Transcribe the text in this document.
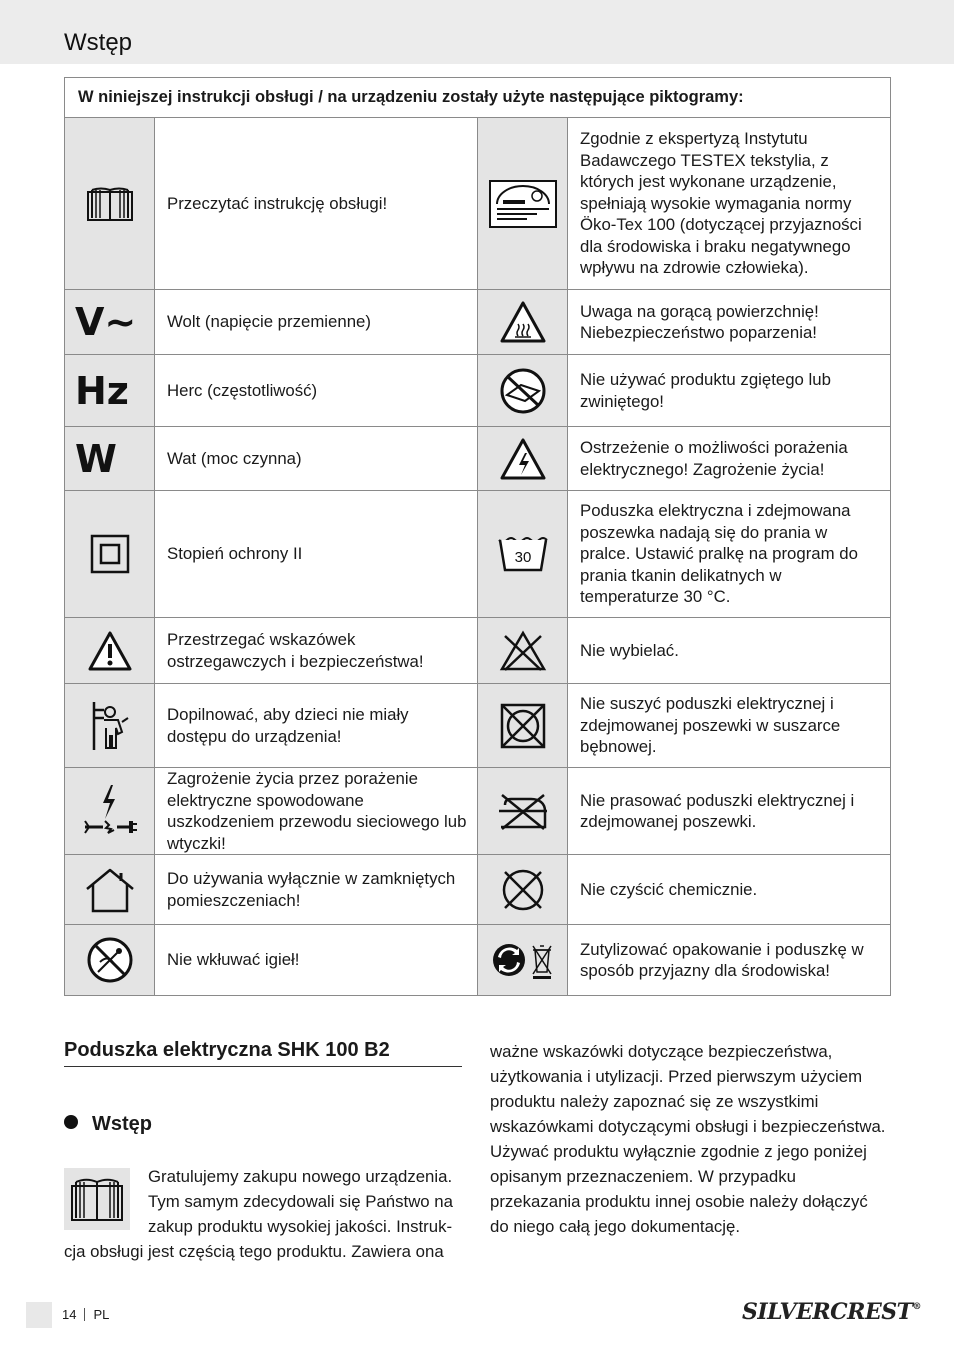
Wstęp
W niniejszej instrukcji obsługi / na urządzeniu zostały użyte następujące piktogramy:			

	Przeczytać instrukcję obsługi!		Zgodnie z ekspertyzą Instytutu Badawczego TESTEX tekstylia, z których jest wykonane urządzenie, spełniają wysokie wymagania normy Öko-Tex 100 (dotyczącej przyjazności dla środowiska i braku negatywnego wpływu na zdrowie człowieka).

V~	Wolt (napięcie przemienne)		Uwaga na gorącą powierzchnię! Niebezpieczeństwo poparzenia!

Hz	Herc (częstotliwość)		Nie używać produktu zgiętego lub zwiniętego!

W	Wat (moc czynna)		Ostrzeżenie o możliwości porażenia elektrycznego! Zagrożenie życia!

	Stopień ochrony II	30	Poduszka elektryczna i zdejmowana poszewka nadają się do prania w pralce. Ustawić pralkę na program do prania tkanin delikatnych w temperaturze 30 °C.

	Przestrzegać wskazówek ostrzegawczych i bezpieczeństwa!		Nie wybielać.

	Dopilnować, aby dzieci nie miały dostępu do urządzenia!		Nie suszyć poduszki elektrycznej i zdejmowanej poszewki w suszarce bębnowej.

	Zagrożenie życia przez porażenie elektryczne spowodowane uszkodzeniem przewodu sieciowego lub wtyczki!		Nie prasować poduszki elektrycznej i zdejmowanej poszewki.

	Do używania wyłącznie w zamkniętych pomieszczeniach!		Nie czyścić chemicznie.

	Nie wkłuwać igieł!		Zutylizować opakowanie i poduszkę w sposób przyjazny dla środowiska!
Poduszka elektryczna SHK 100 B2
Wstęp
Gratulujemy zakupu nowego urządzenia. Tym samym zdecydowali się Państwo na zakup produktu wysokiej jakości. Instruk-
cja obsługi jest częścią tego produktu. Zawiera ona
ważne wskazówki dotyczące bezpieczeństwa, użytkowania i utylizacji. Przed pierwszym użyciem produktu należy zapoznać się ze wszystkimi wskazówkami dotyczącymi obsługi i bezpieczeństwa. Używać produktu wyłącznie zgodnie z jego poniżej opisanym przeznaczeniem. W przypadku przekazania produktu innej osobie należy dołączyć do niego całą jego dokumentację.
14 PL	SILVERCREST®
